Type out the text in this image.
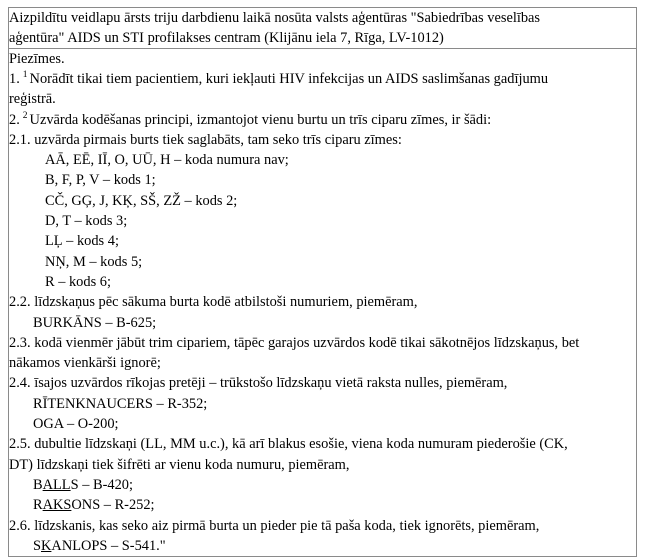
Aizpildītu veidlapu ārsts triju darbdienu laikā nosūta valsts aģentūras "Sabiedrības veselības
aģentūra" AIDS un STI profilakses centram (Klijānu iela 7, Rīga, LV-1012)

Piezīmes.
1. $^1$ Norādīt tikai tiem pacientiem, kuri iekļauti HIV infekcijas un AIDS saslimšanas gadījumu
reģistrā.
2. $^2$ Uzvārda kodēšanas principi, izmantojot vienu burtu un trīs ciparu zīmes, ir šādi:
2.1. uzvārda pirmais burts tiek saglabāts, tam seko trīs ciparu zīmes:
AĀ, EĒ, IĪ, O, UŪ, H – koda numura nav;
B, F, P, V – kods 1;
CČ, GĢ, J, KĶ, SŠ, ZŽ – kods 2;
D, T – kods 3;
LĻ – kods 4;
NŅ, M – kods 5;
R – kods 6;
2.2. līdzskaņus pēc sākuma burta kodē atbilstoši numuriem, piemēram,
BURKĀNS – B-625;
2.3. kodā vienmēr jābūt trim cipariem, tāpēc garajos uzvārdos kodē tikai sākotnējos līdzskaņus, bet
nākamos vienkārši ignorē;
2.4. īsajos uzvārdos rīkojas pretēji – trūkstošo līdzskaņu vietā raksta nulles, piemēram,
RĪTENKNAUCERS – R-352;
OGA – O-200;
2.5. dubultie līdzskaņi (LL, MM u.c.), kā arī blakus esošie, viena koda numuram piederošie (CK,
DT) līdzskaņi tiek šifrēti ar vienu koda numuru, piemēram,
BALLS – B-420;
RAKSONS – R-252;
2.6. līdzskanis, kas seko aiz pirmā burta un pieder pie tā paša koda, tiek ignorēts, piemēram,
SKANLOPS – S-541."
